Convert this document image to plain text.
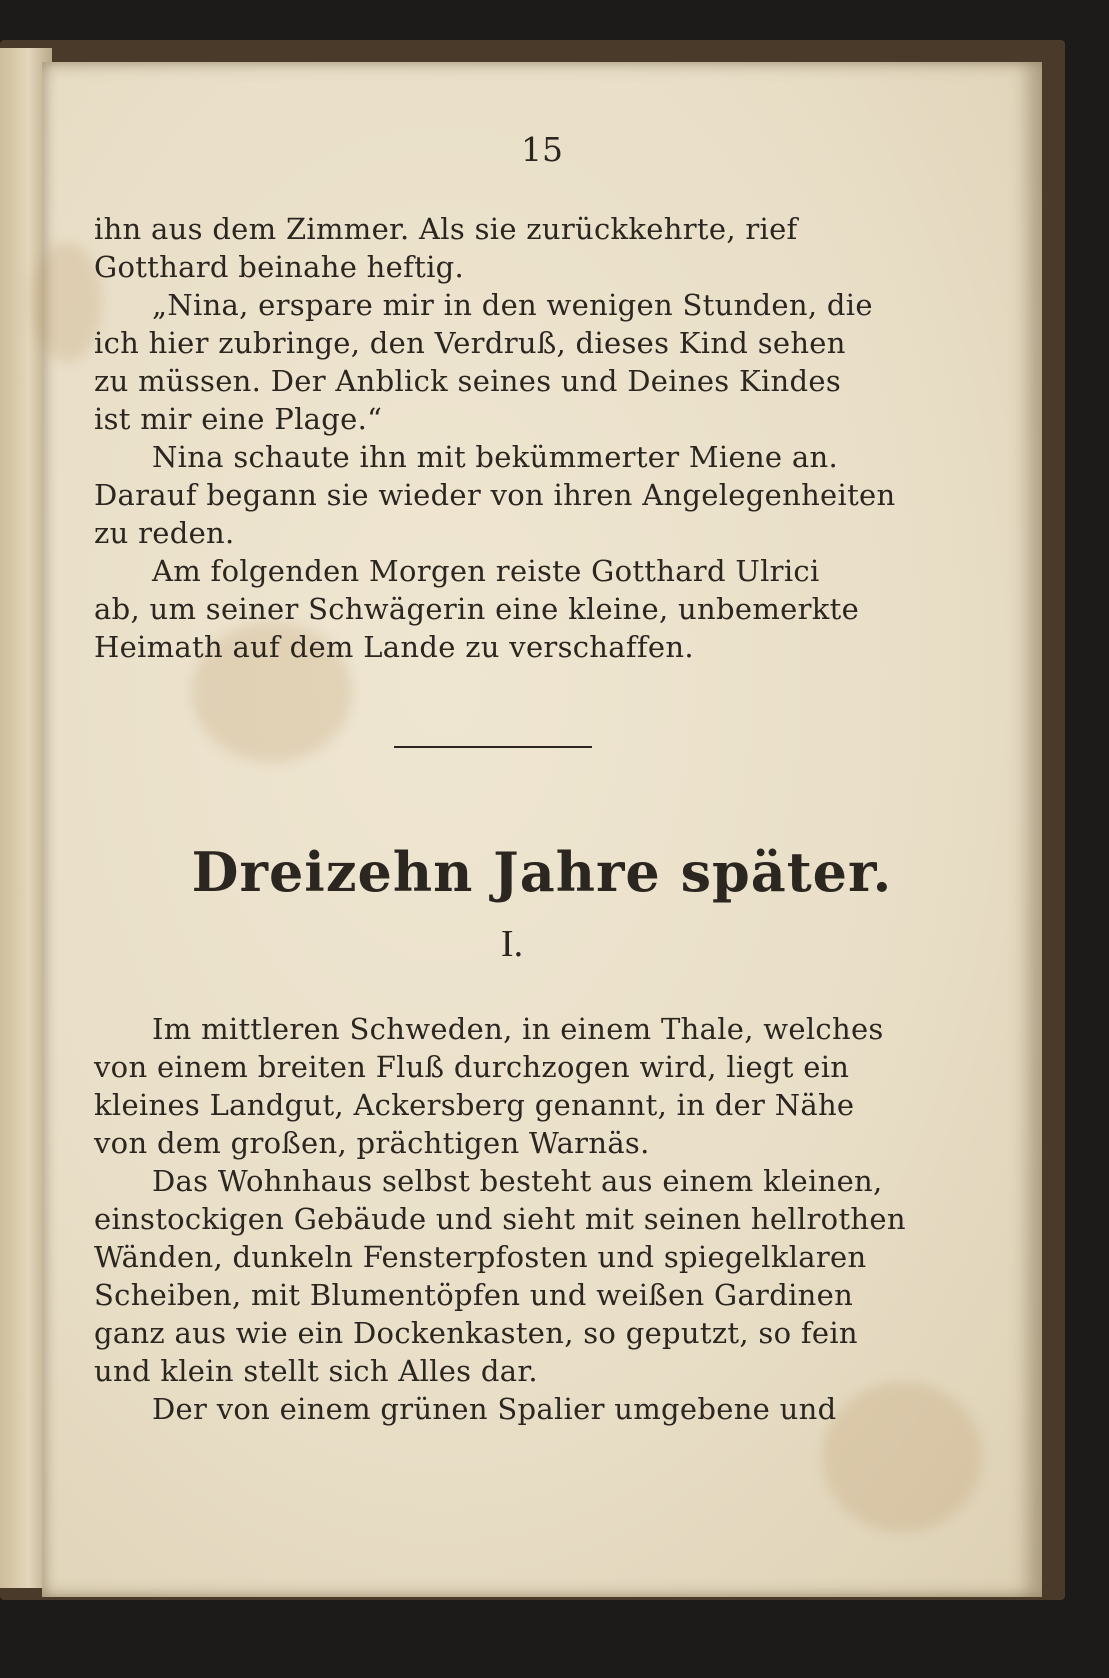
15
ihn aus dem Zimmer. Als sie zurückkehrte, rief
Gotthard beinahe heftig.
„Nina, erspare mir in den wenigen Stunden, die
ich hier zubringe, den Verdruß, dieses Kind sehen
zu müssen. Der Anblick seines und Deines Kindes
ist mir eine Plage.“
Nina schaute ihn mit bekümmerter Miene an.
Darauf begann sie wieder von ihren Angelegenheiten
zu reden.
Am folgenden Morgen reiste Gotthard Ulrici
ab, um seiner Schwägerin eine kleine, unbemerkte
Heimath auf dem Lande zu verschaffen.
Dreizehn Jahre später.
I.
Im mittleren Schweden, in einem Thale, welches
von einem breiten Fluß durchzogen wird, liegt ein
kleines Landgut, Ackersberg genannt, in der Nähe
von dem großen, prächtigen Warnäs.
Das Wohnhaus selbst besteht aus einem kleinen,
einstockigen Gebäude und sieht mit seinen hellrothen
Wänden, dunkeln Fensterpfosten und spiegelklaren
Scheiben, mit Blumentöpfen und weißen Gardinen
ganz aus wie ein Dockenkasten, so geputzt, so fein
und klein stellt sich Alles dar.
Der von einem grünen Spalier umgebene und
